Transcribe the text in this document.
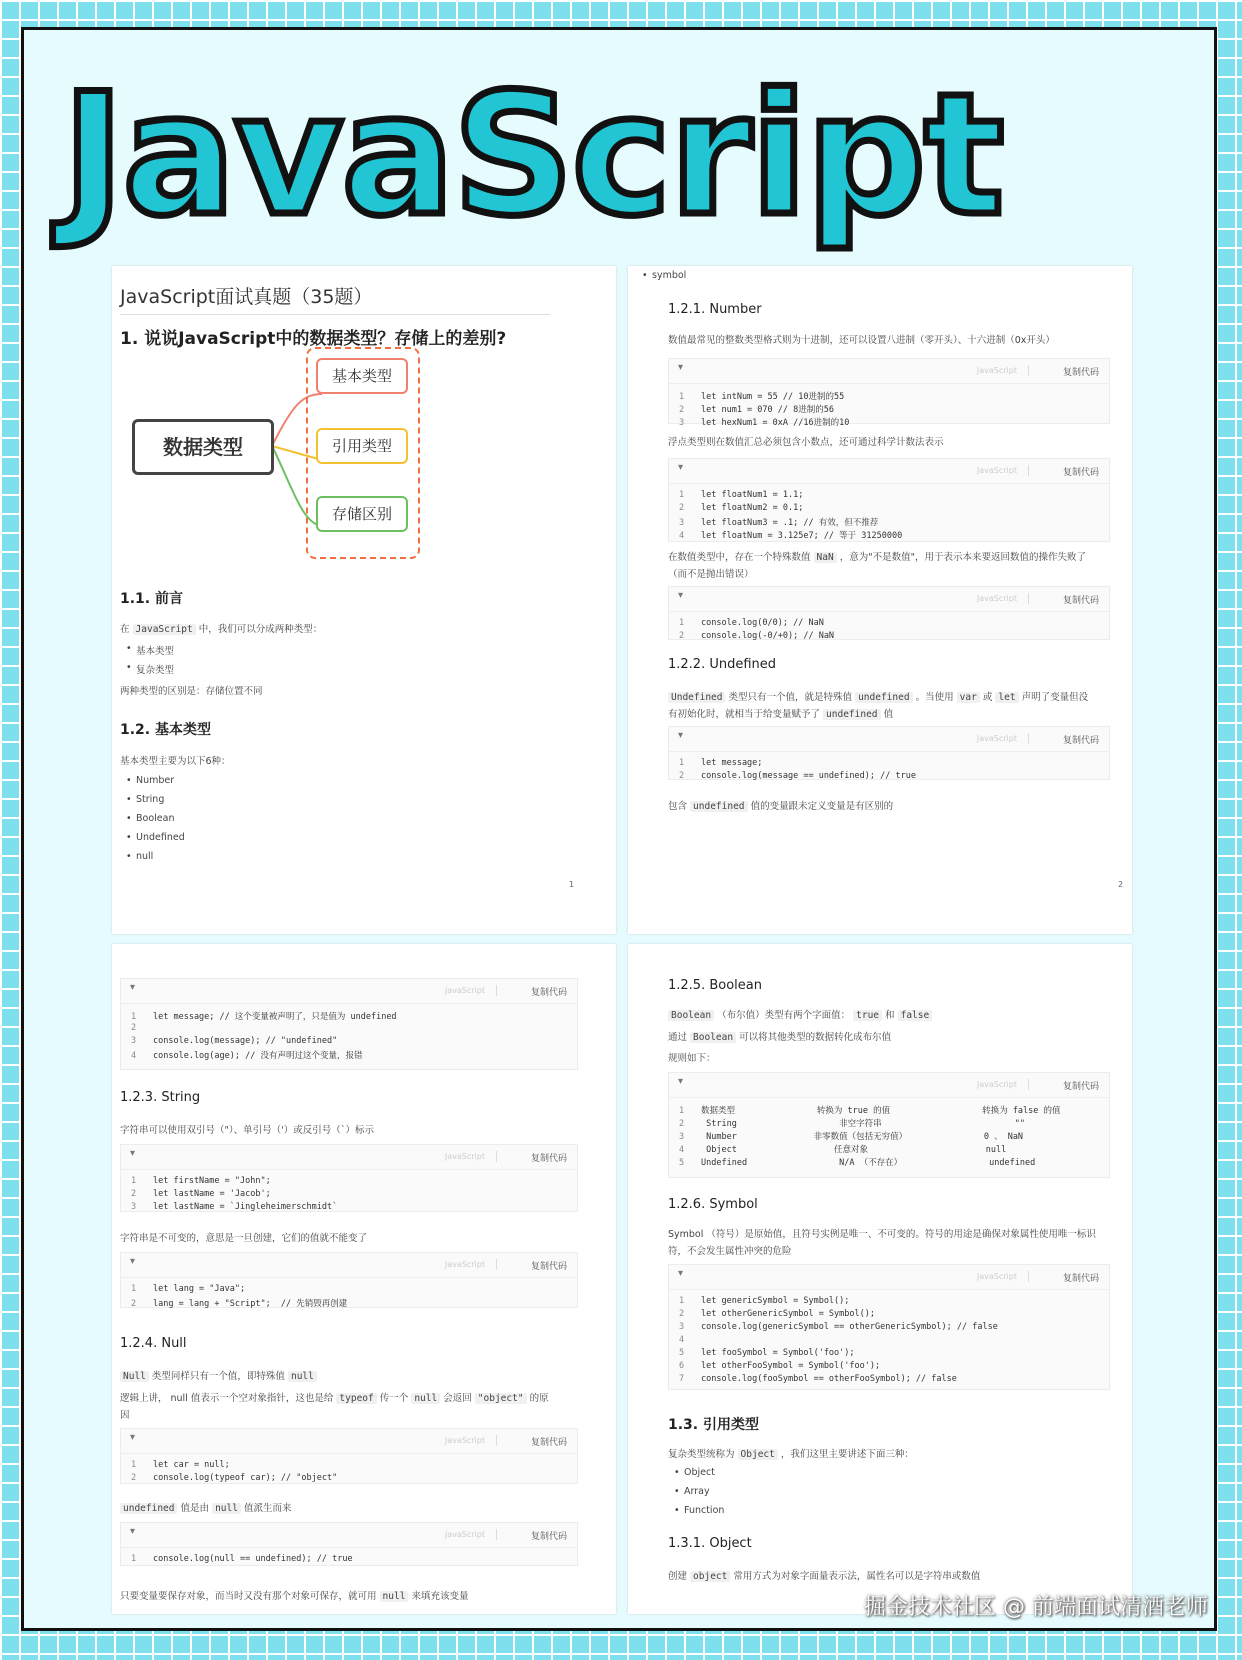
JavaScript
JavaScript面试真题（35题）
1. 说说JavaScript中的数据类型？存储上的差别?
数据类型
基本类型
引用类型
存储区别
1.1. 前言
在 JavaScript 中，我们可以分成两种类型：
• 基本类型
• 复杂类型
两种类型的区别是：存储位置不同
1.2. 基本类型
基本类型主要为以下6种：
• Number
• String
• Boolean
• Undefined
• null
1
• symbol
1.2.1. Number
数值最常见的整数类型格式则为十进制，还可以设置八进制（零开头）、十六进制（0x开头）
▾	JavaScript	复制代码
1 let intNum = 55 // 10进制的55
2 let num1 = 070 // 8进制的56
3 let hexNum1 = 0xA //16进制的10
浮点类型则在数值汇总必须包含小数点，还可通过科学计数法表示
▾	JavaScript	复制代码
1 let floatNum1 = 1.1;
2 let floatNum2 = 0.1;
3 let floatNum3 = .1; // 有效，但不推荐
4 let floatNum = 3.125e7; // 等于 31250000
在数值类型中，存在一个特殊数值 NaN ，意为"不是数值"，用于表示本来要返回数值的操作失败了
（而不是抛出错误）
▾	JavaScript	复制代码
1 console.log(0/0); // NaN
2 console.log(-0/+0); // NaN
1.2.2. Undefined
Undefined 类型只有一个值，就是特殊值 undefined 。当使用 var 或 let 声明了变量但没
有初始化时，就相当于给变量赋予了 undefined 值
▾	JavaScript	复制代码
1 let message;
2 console.log(message == undefined); // true
包含 undefined 值的变量跟未定义变量是有区别的
2
▾	JavaScript	复制代码
1 let message; // 这个变量被声明了，只是值为 undefined
2
3 console.log(message); // "undefined"
4 console.log(age); // 没有声明过这个变量，报错
1.2.3. String
字符串可以使用双引号（"）、单引号（'）或反引号（`）标示
▾	JavaScript	复制代码
1 let firstName = "John";
2 let lastName = 'Jacob';
3 let lastName = `Jingleheimerschmidt`
字符串是不可变的，意思是一旦创建，它们的值就不能变了
▾	JavaScript	复制代码
1 let lang = "Java";
2 lang = lang + "Script";  // 先销毁再创建
1.2.4. Null
Null 类型同样只有一个值，即特殊值 null
逻辑上讲， null 值表示一个空对象指针，这也是给 typeof 传一个 null 会返回 "object" 的原
因
▾	JavaScript	复制代码
1 let car = null;
2 console.log(typeof car); // "object"
undefined 值是由 null 值派生而来
▾	JavaScript	复制代码
1 console.log(null == undefined); // true
只要变量要保存对象，而当时又没有那个对象可保存，就可用 null 来填充该变量
1.2.5. Boolean
Boolean （布尔值）类型有两个字面值： true 和 false
通过 Boolean 可以将其他类型的数据转化成布尔值
规则如下：
▾	JavaScript	复制代码
1 数据类型                转换为 true 的值                  转换为 false 的值
2 String                    非空字符串                          ""
3 Number               非零数值（包括无穷值）               0 、 NaN
4 Object                   任意对象                       null
5 Undefined                  N/A （不存在）                 undefined
1.2.6. Symbol
Symbol （符号）是原始值，且符号实例是唯一、不可变的。符号的用途是确保对象属性使用唯一标识
符，不会发生属性冲突的危险
▾	JavaScript	复制代码
1 let genericSymbol = Symbol();
2 let otherGenericSymbol = Symbol();
3 console.log(genericSymbol == otherGenericSymbol); // false
4
5 let fooSymbol = Symbol('foo');
6 let otherFooSymbol = Symbol('foo');
7 console.log(fooSymbol == otherFooSymbol); // false
1.3. 引用类型
复杂类型统称为 Object ，我们这里主要讲述下面三种：
• Object
• Array
• Function
1.3.1. Object
创建 object 常用方式为对象字面量表示法，属性名可以是字符串或数值
掘金技术社区 @ 前端面试清酒老师
